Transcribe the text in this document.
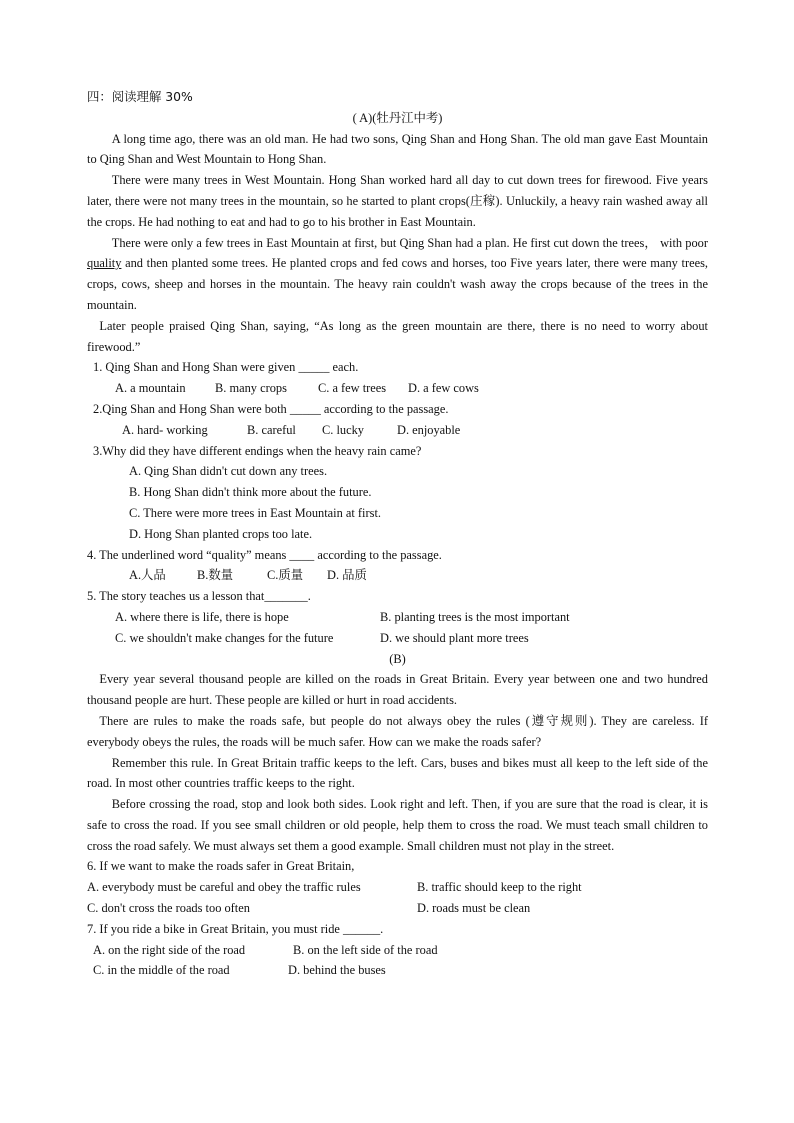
四：阅读理解 30%

( A)(牡丹江中考)

A long time ago, there was an old man. He had two sons, Qing Shan and Hong Shan. The old man gave East Mountain to Qing Shan and West Mountain to Hong Shan.

There were many trees in West Mountain. Hong Shan worked hard all day to cut down trees for firewood. Five years later, there were not many trees in the mountain, so he started to plant crops(庄稼). Unluckily, a heavy rain washed away all the crops. He had nothing to eat and had to go to his brother in East Mountain.

There were only a few trees in East Mountain at first, but Qing Shan had a plan. He first cut down the trees， with poor quality and then planted some trees. He planted crops and fed cows and horses, too Five years later, there were many trees, crops, cows, sheep and horses in the mountain. The heavy rain couldn't wash away the crops because of the trees in the mountain.

Later people praised Qing Shan, saying, “As long as the green mountain are there, there is no need to worry about firewood.”

1. Qing Shan and Hong Shan were given _____ each.

A. a mountain B. many crops	C. a few trees D. a few cows

2.Qing Shan and Hong Shan were both _____ according to the passage.

A. hard- working	B. careful C. lucky	D. enjoyable

3.Why did they have different endings when the heavy rain came?

A. Qing Shan didn't cut down any trees.

B. Hong Shan didn't think more about the future.

C. There were more trees in East Mountain at first.

D. Hong Shan planted crops too late.

4. The underlined word “quality” means ____ according to the passage.

A.人品	B.数量	C.质量 D. 品质

5. The story teaches us a lesson that_______.

A. where there is life, there is hope	B. planting trees is the most important

C. we shouldn't make changes for the future	D. we should plant more trees

(B)

Every year several thousand people are killed on the roads in Great Britain. Every year between one and two hundred thousand people are hurt. These people are killed or hurt in road accidents.

There are rules to make the roads safe, but people do not always obey the rules (遵守规则). They are careless. If everybody obeys the rules, the roads will be much safer. How can we make the roads safer?

Remember this rule. In Great Britain traffic keeps to the left. Cars, buses and bikes must all keep to the left side of the road. In most other countries traffic keeps to the right.

Before crossing the road, stop and look both sides. Look right and left. Then, if you are sure that the road is clear, it is safe to cross the road. If you see small children or old people, help them to cross the road. We must teach small children to cross the road safely. We must always set them a good example. Small children must not play in the street.

6. If we want to make the roads safer in Great Britain,

A. everybody must be careful and obey the traffic rules	B. traffic should keep to the right

C. don't cross the roads too often	D. roads must be clean

7. If you ride a bike in Great Britain, you must ride ______.

A. on the right side of the road	B. on the left side of the road

C. in the middle of the road	D. behind the buses
